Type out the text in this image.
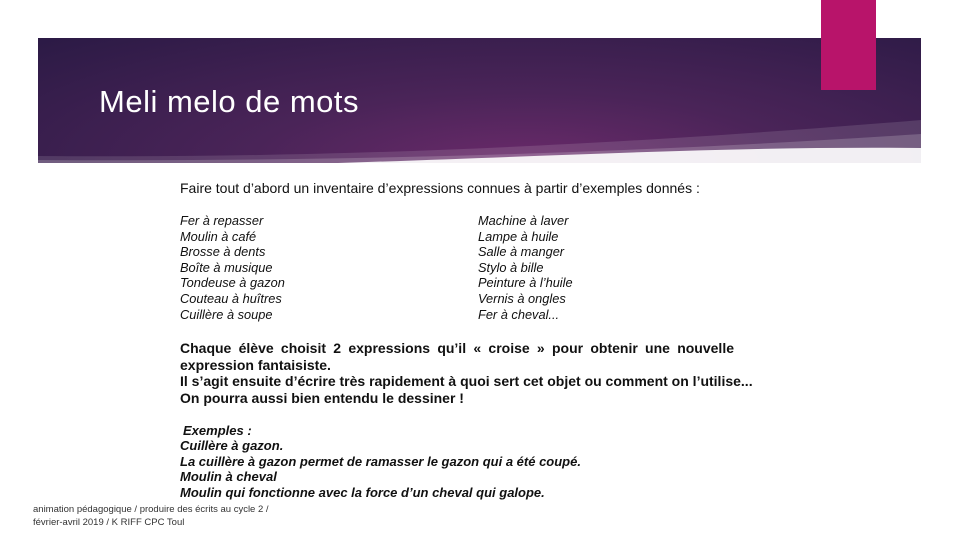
Meli melo de mots
Faire tout d’abord un inventaire d’expressions connues à partir d’exemples donnés :
Fer à repasser
Moulin à café
Brosse à dents
Boîte à musique
Tondeuse à gazon
Couteau à huîtres
Cuillère à soupe
Machine à laver
Lampe à huile
Salle à manger
Stylo à bille
Peinture à l’huile
Vernis à ongles
Fer à cheval...
Chaque élève choisit 2 expressions qu’il « croise » pour obtenir une nouvelle
expression fantaisiste.
Il s’agit ensuite d’écrire très rapidement à quoi sert cet objet ou comment on l’utilise...
On pourra aussi bien entendu le dessiner !
Exemples :
Cuillère à gazon.
La cuillère à gazon permet de ramasser le gazon qui a été coupé.
Moulin à cheval
Moulin qui fonctionne avec la force d’un cheval qui galope.
animation pédagogique / produire des écrits au cycle 2 /
février-avril 2019 / K RIFF CPC Toul
